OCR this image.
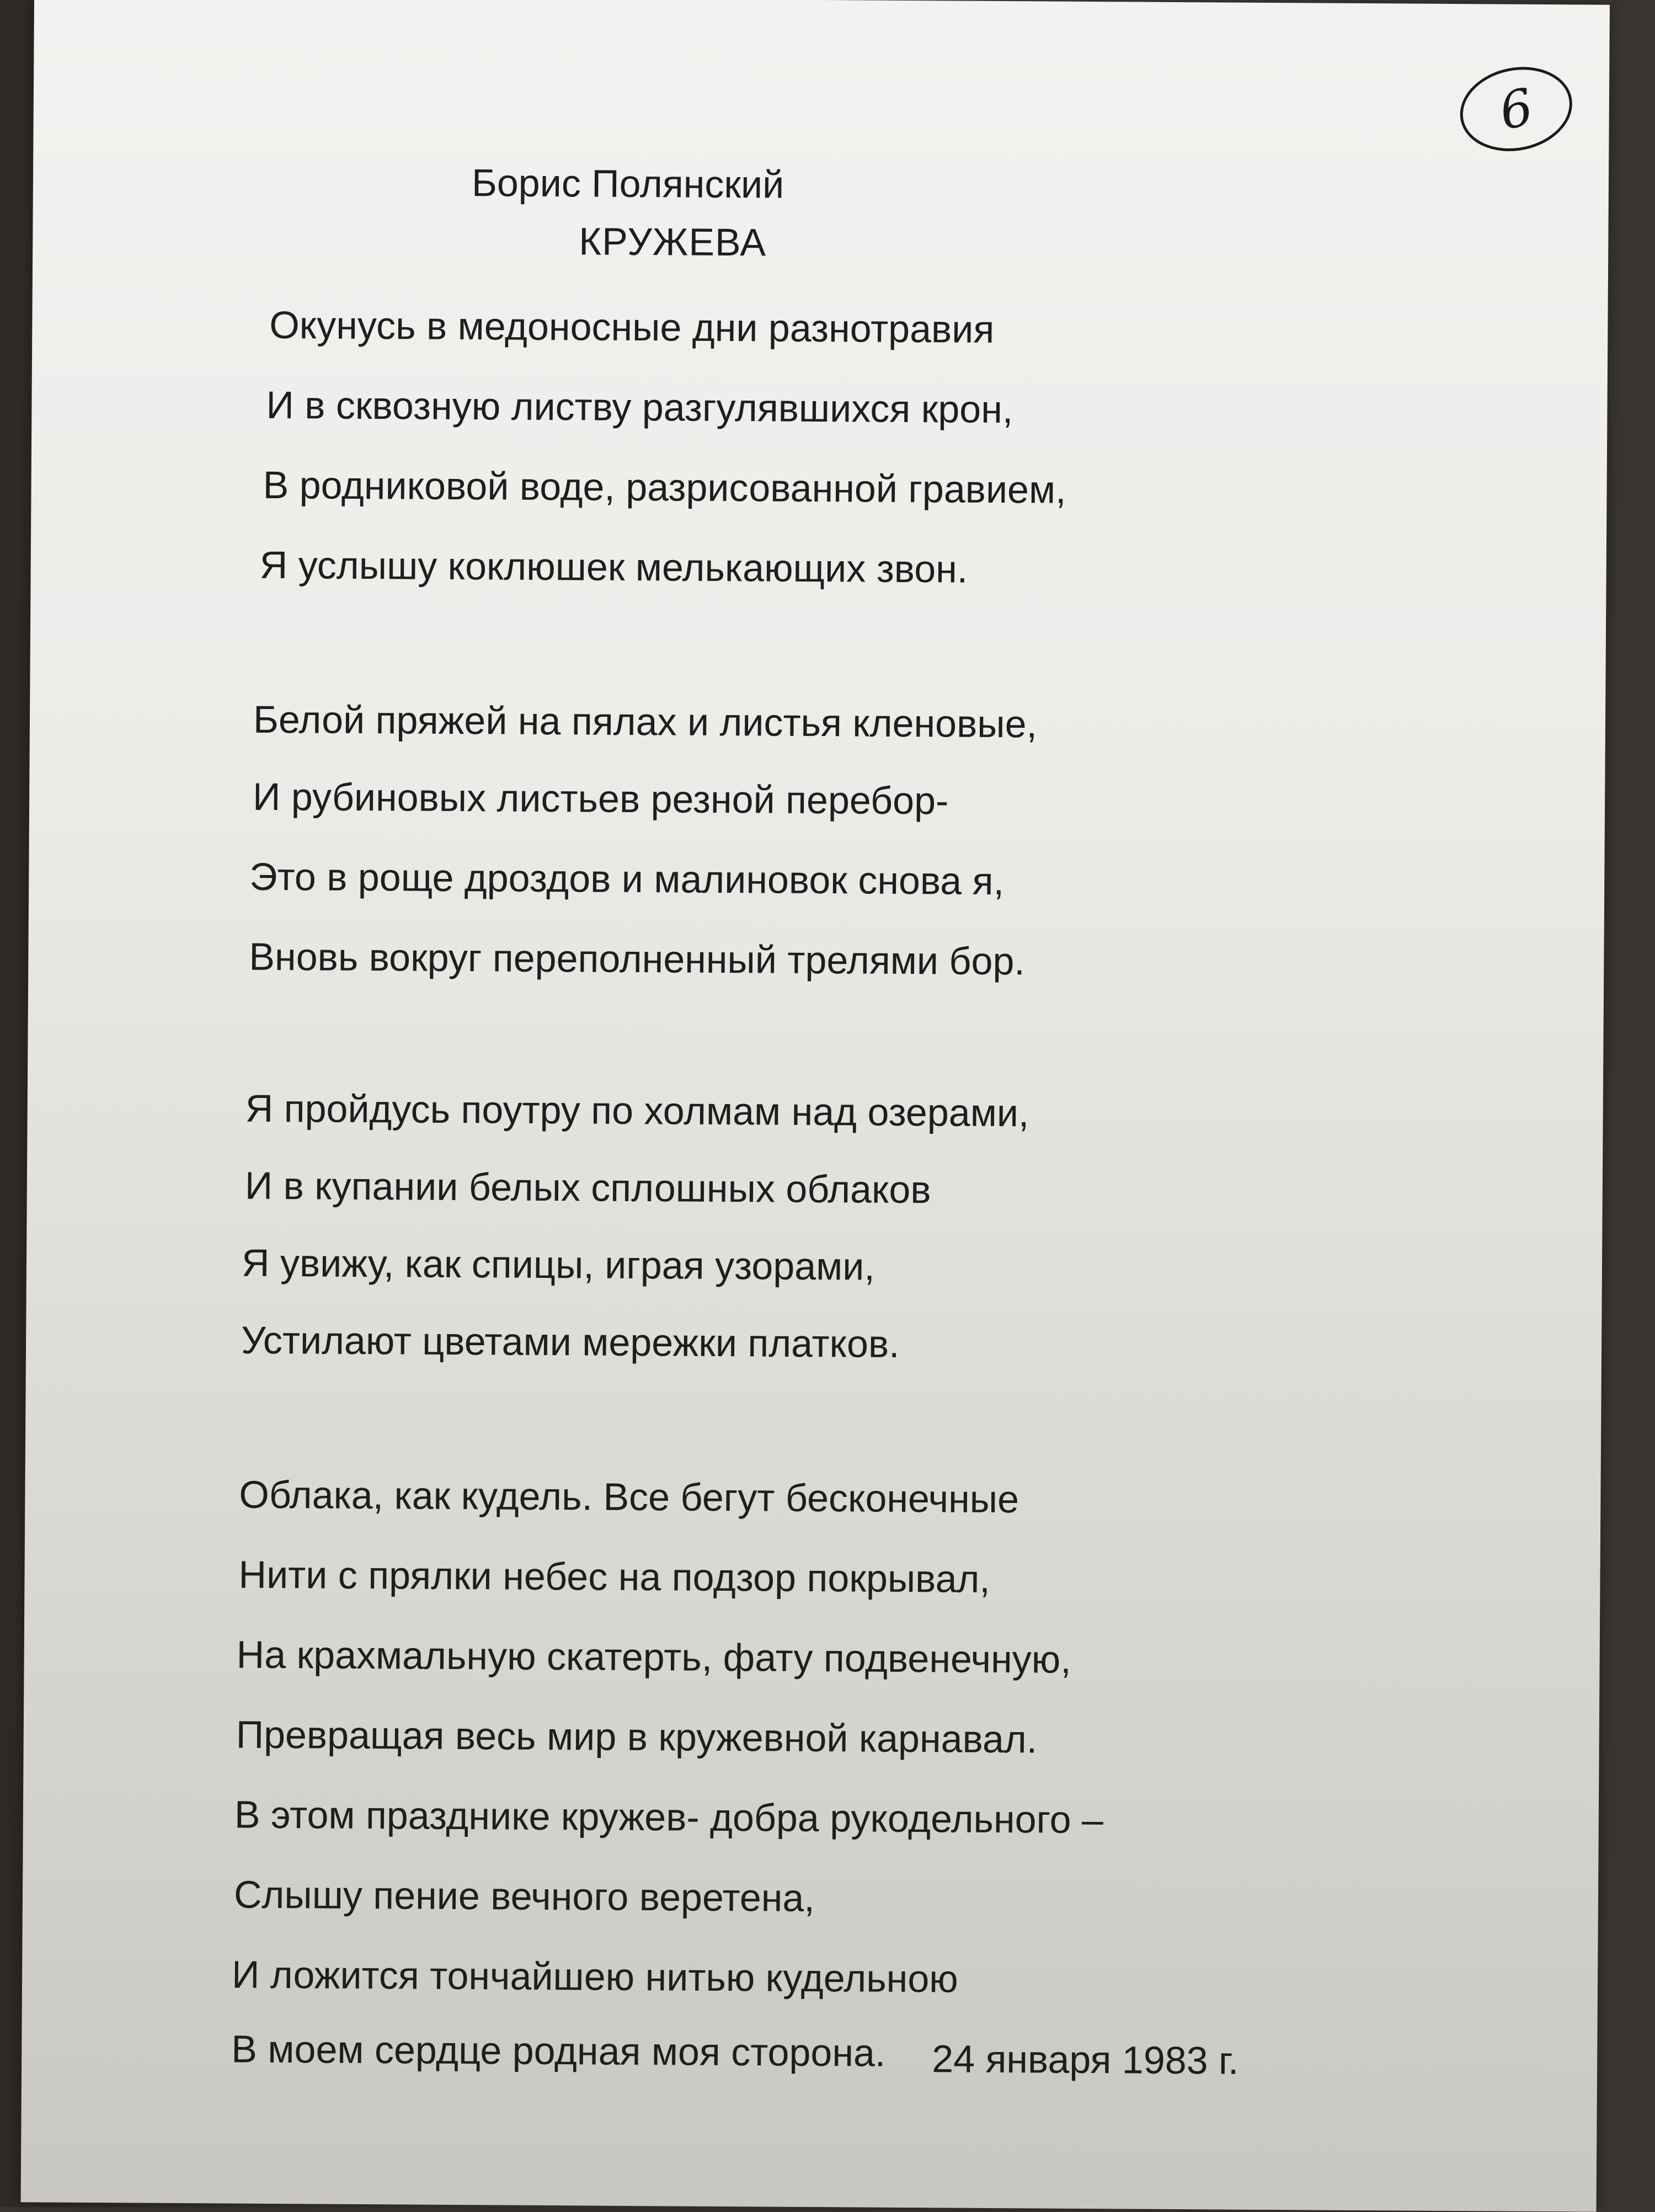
6
Борис Полянский
КРУЖЕВА
Окунусь в медоносные дни разнотравия
И в сквозную листву разгулявшихся крон,
В родниковой воде, разрисованной гравием,
Я услышу коклюшек мелькающих звон.
Белой пряжей на пялах и листья кленовые,
И рубиновых листьев резной перебор-
Это в роще дроздов и малиновок снова я,
Вновь вокруг переполненный трелями бор.
Я пройдусь поутру по холмам над озерами,
И в купании белых сплошных облаков
Я увижу, как спицы, играя узорами,
Устилают цветами мережки платков.
Облака, как кудель. Все бегут бесконечные
Нити с прялки небес на подзор покрывал,
На крахмальную скатерть, фату подвенечную,
Превращая весь мир в кружевной карнавал.
В этом празднике кружев- добра рукодельного –
Слышу пение вечного веретена,
И ложится тончайшею нитью кудельною
В моем сердце родная моя сторона. 24 января 1983 г.
